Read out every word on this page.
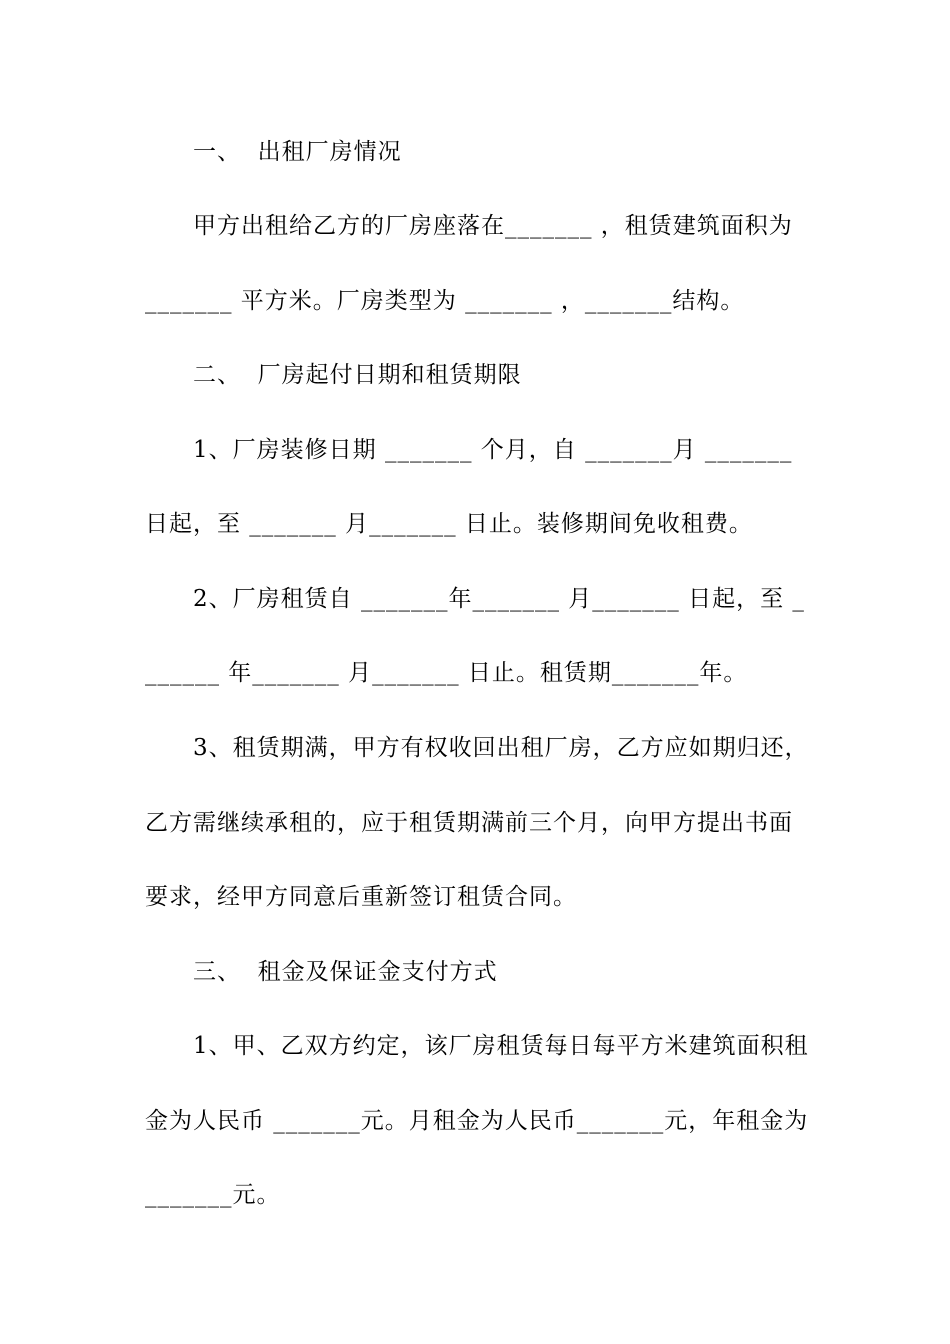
一、  出租厂房情况
甲方出租给乙方的厂房座落在_______ ，租赁建筑面积为
_______ 平方米。厂房类型为 _______ ，_______结构。
二、  厂房起付日期和租赁期限
1、厂房装修日期 _______ 个月，自 _______月 _______
日起，至 _______ 月_______ 日止。装修期间免收租费。
2、厂房租赁自 _______年_______ 月_______ 日起，至 _
______ 年_______ 月_______ 日止。租赁期_______年。
3、租赁期满，甲方有权收回出租厂房，乙方应如期归还，
乙方需继续承租的，应于租赁期满前三个月，向甲方提出书面
要求，经甲方同意后重新签订租赁合同。
三、  租金及保证金支付方式
1、甲、乙双方约定，该厂房租赁每日每平方米建筑面积租
金为人民币 _______元。月租金为人民币_______元，年租金为
_______元。
